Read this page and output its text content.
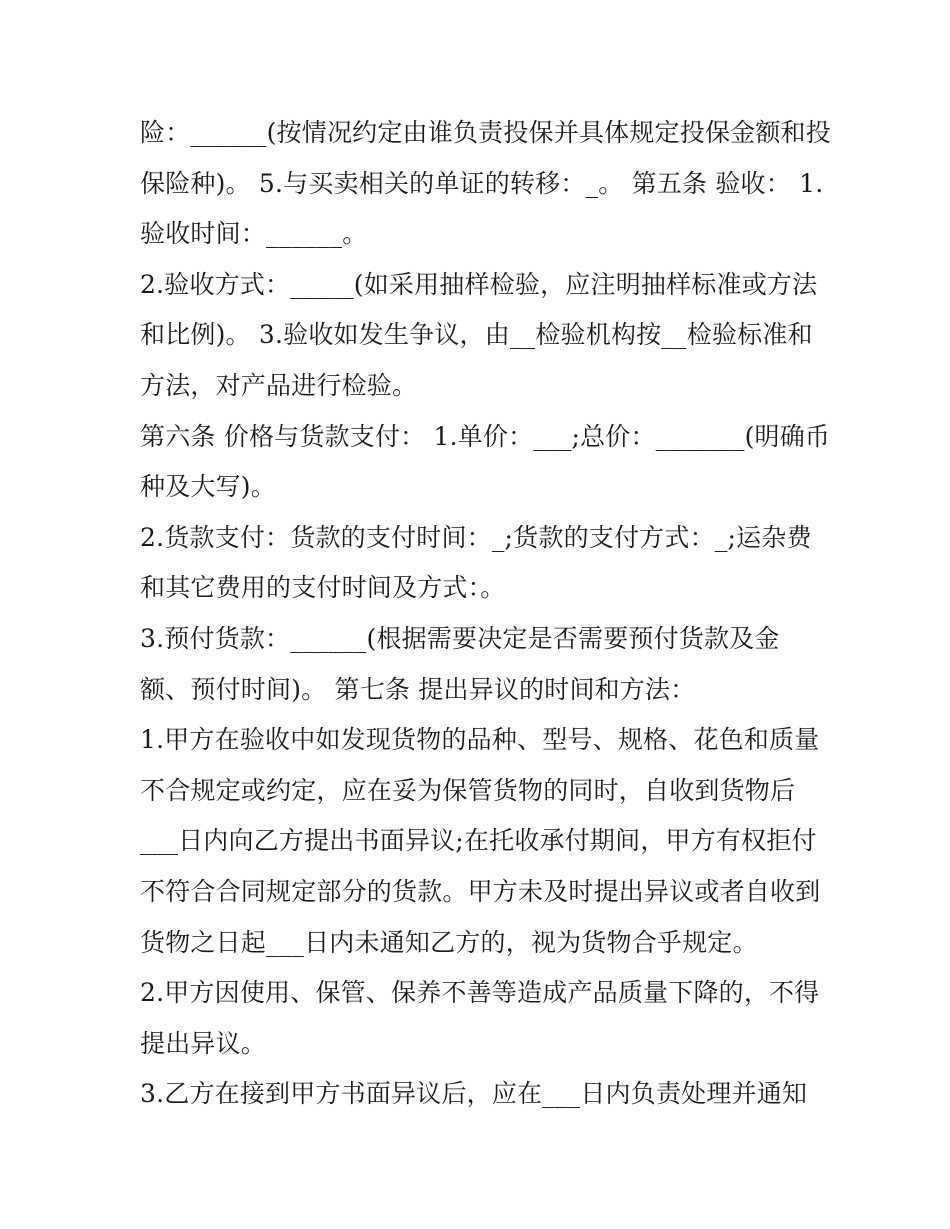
险：______(按情况约定由谁负责投保并具体规定投保金额和投
保险种)。 5.与买卖相关的单证的转移：_。 第五条 验收： 1.
验收时间：______。
2.验收方式：_____(如采用抽样检验，应注明抽样标准或方法
和比例)。 3.验收如发生争议，由__检验机构按__检验标准和
方法，对产品进行检验。
第六条 价格与货款支付： 1.单价：___;总价：_______(明确币
种及大写)。
2.货款支付：货款的支付时间：_;货款的支付方式：_;运杂费
和其它费用的支付时间及方式：。
3.预付货款：______(根据需要决定是否需要预付货款及金
额、预付时间)。 第七条 提出异议的时间和方法：
1.甲方在验收中如发现货物的品种、型号、规格、花色和质量
不合规定或约定，应在妥为保管货物的同时，自收到货物后
___日内向乙方提出书面异议;在托收承付期间，甲方有权拒付
不符合合同规定部分的货款。甲方未及时提出异议或者自收到
货物之日起___日内未通知乙方的，视为货物合乎规定。
2.甲方因使用、保管、保养不善等造成产品质量下降的，不得
提出异议。
3.乙方在接到甲方书面异议后，应在___日内负责处理并通知
